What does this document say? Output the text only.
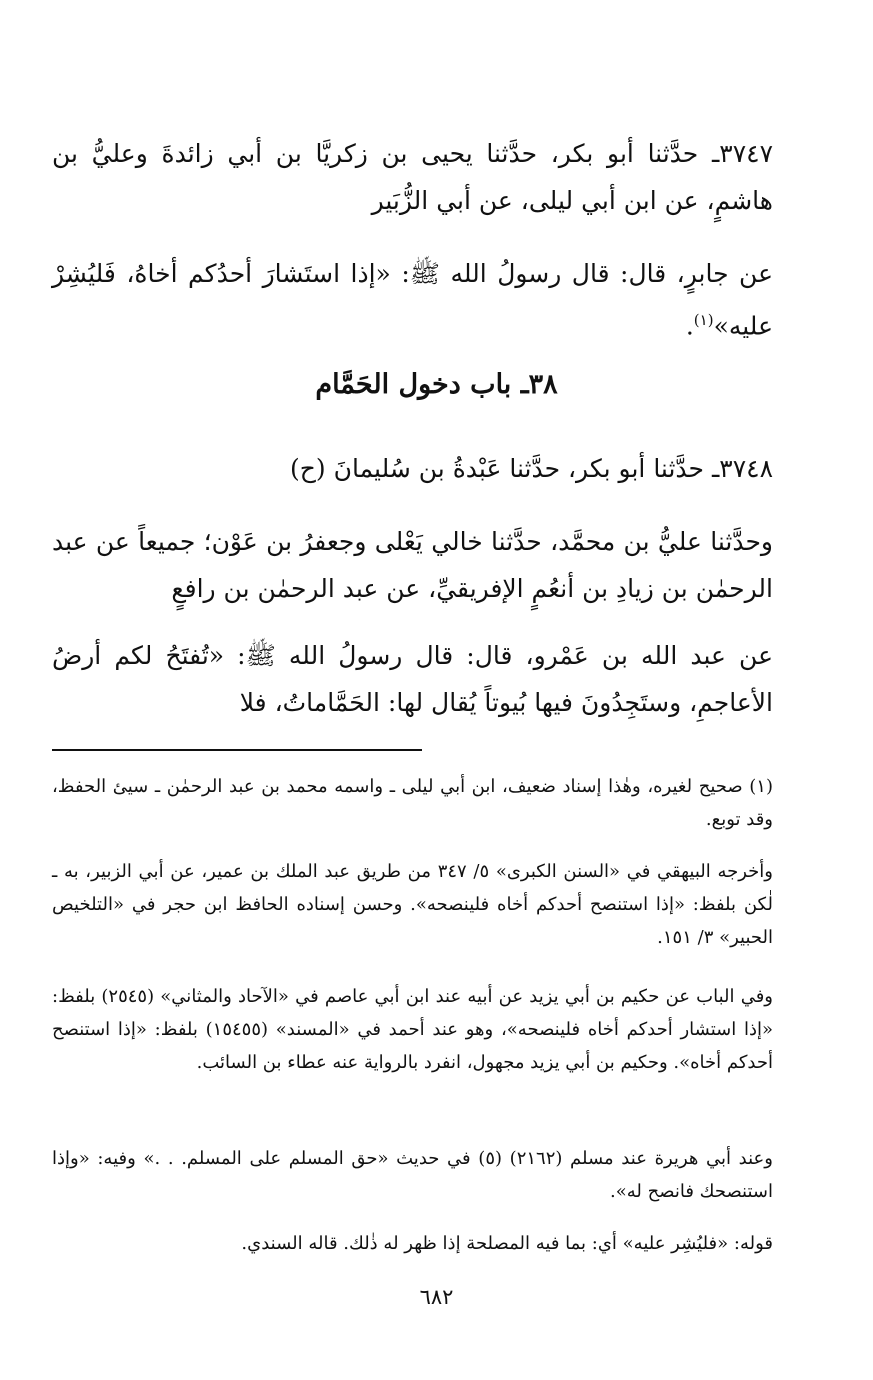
٣٧٤٧ـ حدَّثنا أبو بكر، حدَّثنا يحيى بن زكريَّا بن أبي زائدةَ وعليُّ بن هاشمٍ، عن ابن أبي ليلى، عن أبي الزُّبَير

عن جابرٍ، قال: قال رسولُ الله ﷺ: «إذا استَشارَ أحدُكم أخاهُ، فَليُشِرْ عليه»$^{(١)}$.

٣٨ـ باب دخول الحَمَّام

٣٧٤٨ـ حدَّثنا أبو بكر، حدَّثنا عَبْدةُ بن سُليمانَ (ح)

وحدَّثنا عليُّ بن محمَّد، حدَّثنا خالي يَعْلى وجعفرُ بن عَوْن؛ جميعاً عن عبد الرحمٰن بن زيادِ بن أنعُمٍ الإفريقيِّ، عن عبد الرحمٰن بن رافعٍ

عن عبد الله بن عَمْرو، قال: قال رسولُ الله ﷺ: «تُفتَحُ لكم أرضُ الأعاجمِ، وستَجِدُونَ فيها بُيوتاً يُقال لها: الحَمَّاماتُ، فلا

(١) صحيح لغيره، وهٰذا إسناد ضعيف، ابن أبي ليلى ـ واسمه محمد بن عبد الرحمٰن ـ سيئ الحفظ، وقد توبع.

وأخرجه البيهقي في «السنن الكبرى» ٥/ ٣٤٧ من طريق عبد الملك بن عمير، عن أبي الزبير، به ـ لٰكن بلفظ: «إذا استنصح أحدكم أخاه فلينصحه». وحسن إسناده الحافظ ابن حجر في «التلخيص الحبير» ٣/ ١٥١.

وفي الباب عن حكيم بن أبي يزيد عن أبيه عند ابن أبي عاصم في «الآحاد والمثاني» (٢٥٤٥) بلفظ: «إذا استشار أحدكم أخاه فلينصحه»، وهو عند أحمد في «المسند» (١٥٤٥٥) بلفظ: «إذا استنصح أحدكم أخاه». وحكيم بن أبي يزيد مجهول، انفرد بالرواية عنه عطاء بن السائب.

وعند أبي هريرة عند مسلم (٢١٦٢) (٥) في حديث «حق المسلم على المسلم. . .» وفيه: «وإذا استنصحك فانصح له».

قوله: «فليُشِر عليه» أي: بما فيه المصلحة إذا ظهر له ذٰلك. قاله السندي.

٦٨٢
